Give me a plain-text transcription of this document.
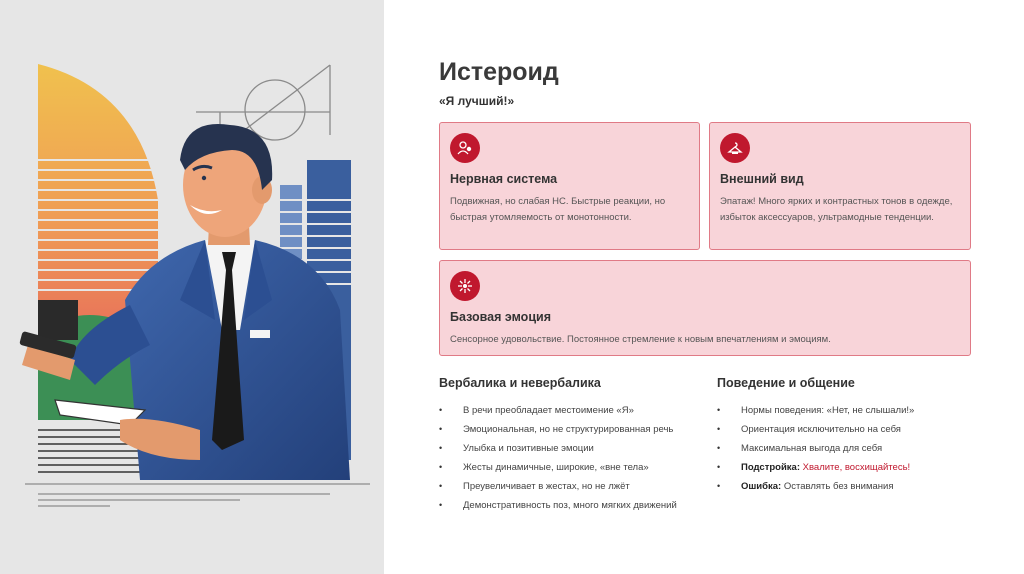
Истероид
«Я лучший!»
Нервная система
Подвижная, но слабая НС. Быстрые реакции, но быстрая утомляемость от монотонности.
Внешний вид
Эпатаж! Много ярких и контрастных тонов в одежде, избыток аксессуаров, ультрамодные тенденции.
Базовая эмоция
Сенсорное удовольствие. Постоянное стремление к новым впечатлениям и эмоциям.
Вербалика и невербалика
• В речи преобладает местоимение «Я»
• Эмоциональная, но не структурированная речь
• Улыбка и позитивные эмоции
• Жесты динамичные, широкие, «вне тела»
• Преувеличивает в жестах, но не лжёт
• Демонстративность поз, много мягких движений
Поведение и общение
• Нормы поведения: «Нет, не слышали!»
• Ориентация исключительно на себя
• Максимальная выгода для себя
• Подстройка: Хвалите, восхищайтесь!
• Ошибка: Оставлять без внимания
